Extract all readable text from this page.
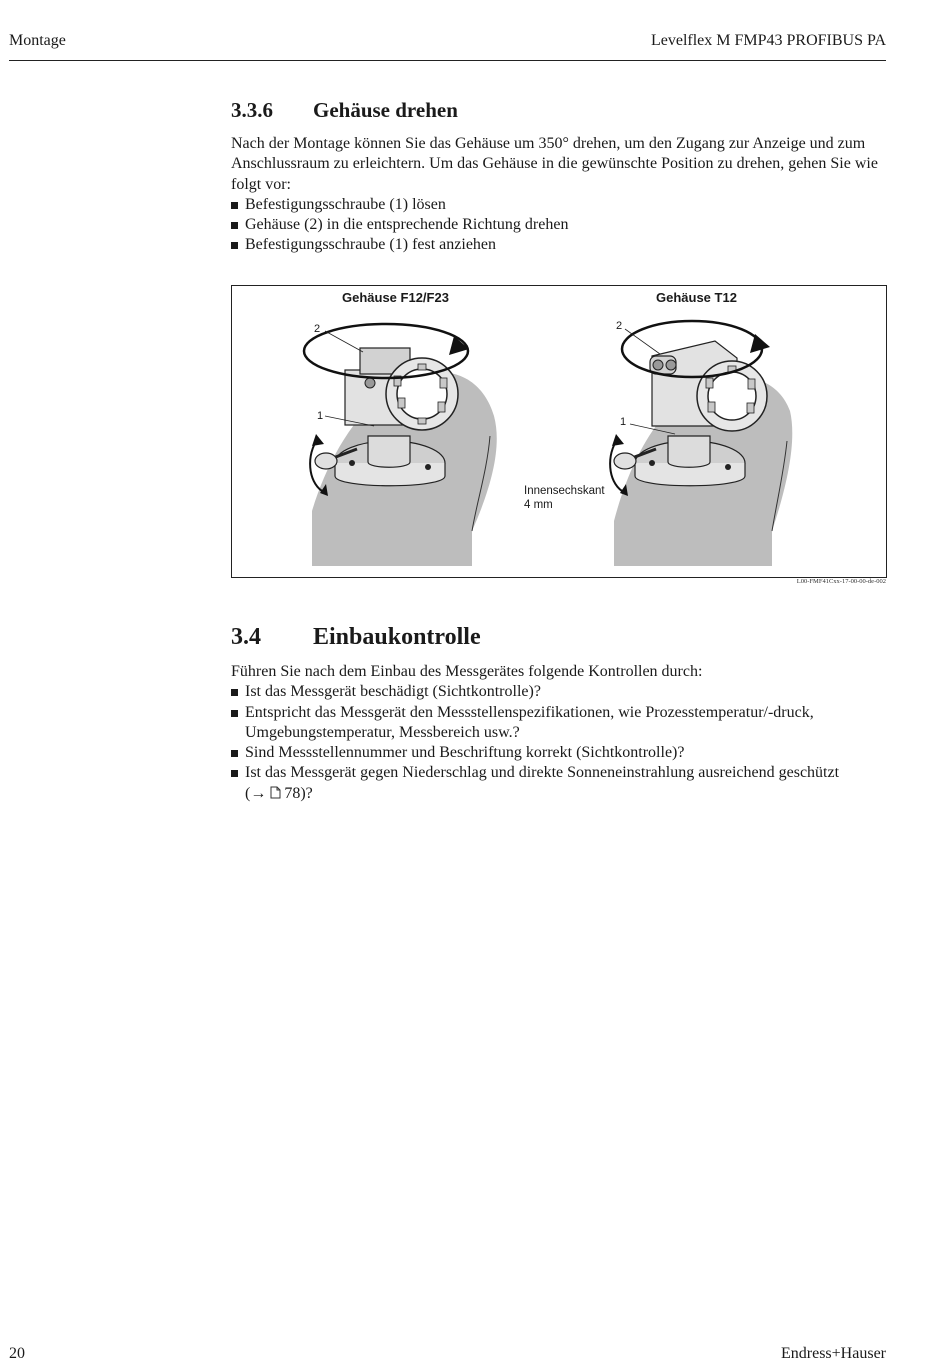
Montage	Levelflex M FMP43 PROFIBUS PA
3.3.6	Gehäuse drehen

Nach der Montage können Sie das Gehäuse um 350° drehen, um den Zugang zur Anzeige und zum Anschlussraum zu erleichtern. Um das Gehäuse in die gewünschte Position zu drehen, gehen Sie wie folgt vor:

Befestigungsschraube (1) lösen
Gehäuse (2) in die entsprechende Richtung drehen
Befestigungsschraube (1) fest anziehen
Gehäuse F12/F23	Gehäuse T12
2
1
2
1
Innensechskant
4 mm
L00-FMF41Cxx-17-00-00-de-002
3.4	Einbaukontrolle

Führen Sie nach dem Einbau des Messgerätes folgende Kontrollen durch:

Ist das Messgerät beschädigt (Sichtkontrolle)?
Entspricht das Messgerät den Messstellenspezifikationen, wie Prozesstemperatur/-druck, Umgebungstemperatur, Messbereich usw.?
Sind Messstellennummer und Beschriftung korrekt (Sichtkontrolle)?
Ist das Messgerät gegen Niederschlag und direkte Sonneneinstrahlung ausreichend geschützt
(→ 78)?
20	Endress+Hauser
